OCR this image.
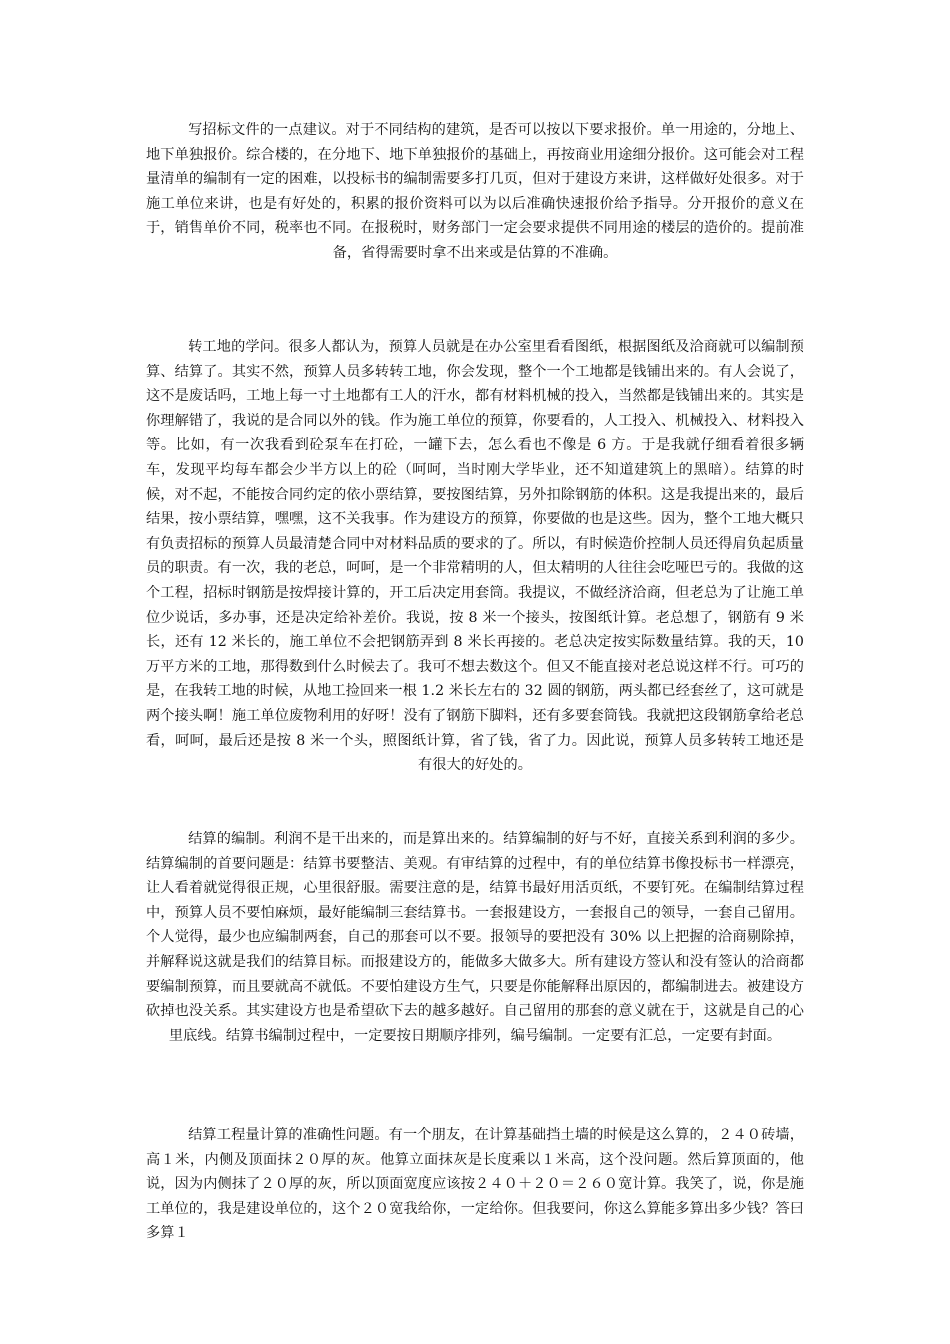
写招标文件的一点建议。对于不同结构的建筑，是否可以按以下要求报价。单一用途的，分地上、地下单独报价。综合楼的，在分地下、地下单独报价的基础上，再按商业用途细分报价。这可能会对工程量清单的编制有一定的困难，以投标书的编制需要多打几页，但对于建设方来讲，这样做好处很多。对于施工单位来讲，也是有好处的，积累的报价资料可以为以后准确快速报价给予指导。分开报价的意义在于，销售单价不同，税率也不同。在报税时，财务部门一定会要求提供不同用途的楼层的造价的。提前准备，省得需要时拿不出来或是估算的不准确。

转工地的学问。很多人都认为，预算人员就是在办公室里看看图纸，根据图纸及洽商就可以编制预算、结算了。其实不然，预算人员多转转工地，你会发现，整个一个工地都是钱铺出来的。有人会说了，这不是废话吗，工地上每一寸土地都有工人的汗水，都有材料机械的投入，当然都是钱铺出来的。其实是你理解错了，我说的是合同以外的钱。作为施工单位的预算，你要看的，人工投入、机械投入、材料投入等。比如，有一次我看到砼泵车在打砼，一罐下去，怎么看也不像是 6 方。于是我就仔细看着很多辆车，发现平均每车都会少半方以上的砼（呵呵，当时刚大学毕业，还不知道建筑上的黑暗）。结算的时候，对不起，不能按合同约定的依小票结算，要按图结算，另外扣除钢筋的体积。这是我提出来的，最后结果，按小票结算，嘿嘿，这不关我事。作为建设方的预算，你要做的也是这些。因为，整个工地大概只有负责招标的预算人员最清楚合同中对材料品质的要求的了。所以，有时候造价控制人员还得肩负起质量员的职责。有一次，我的老总，呵呵，是一个非常精明的人，但太精明的人往往会吃哑巴亏的。我做的这个工程，招标时钢筋是按焊接计算的，开工后决定用套筒。我提议，不做经济洽商，但老总为了让施工单位少说话，多办事，还是决定给补差价。我说，按 8 米一个接头，按图纸计算。老总想了，钢筋有 9 米长，还有 12 米长的，施工单位不会把钢筋弄到 8 米长再接的。老总决定按实际数量结算。我的天，10 万平方米的工地，那得数到什么时候去了。我可不想去数这个。但又不能直接对老总说这样不行。可巧的是，在我转工地的时候，从地工捡回来一根 1.2 米长左右的 32 圆的钢筋，两头都已经套丝了，这可就是两个接头啊！施工单位废物利用的好呀！没有了钢筋下脚料，还有多要套筒钱。我就把这段钢筋拿给老总看，呵呵，最后还是按 8 米一个头，照图纸计算，省了钱，省了力。因此说，预算人员多转转工地还是有很大的好处的。

结算的编制。利润不是干出来的，而是算出来的。结算编制的好与不好，直接关系到利润的多少。结算编制的首要问题是：结算书要整洁、美观。有审结算的过程中，有的单位结算书像投标书一样漂亮，让人看着就觉得很正规，心里很舒服。需要注意的是，结算书最好用活页纸，不要钉死。在编制结算过程中，预算人员不要怕麻烦，最好能编制三套结算书。一套报建设方，一套报自己的领导，一套自己留用。个人觉得，最少也应编制两套，自己的那套可以不要。报领导的要把没有 30% 以上把握的洽商剔除掉，并解释说这就是我们的结算目标。而报建设方的，能做多大做多大。所有建设方签认和没有签认的洽商都要编制预算，而且要就高不就低。不要怕建设方生气，只要是你能解释出原因的，都编制进去。被建设方砍掉也没关系。其实建设方也是希望砍下去的越多越好。自己留用的那套的意义就在于，这就是自己的心里底线。结算书编制过程中，一定要按日期顺序排列，编号编制。一定要有汇总，一定要有封面。

结算工程量计算的准确性问题。有一个朋友，在计算基础挡土墙的时候是这么算的，２４０砖墙，高１米，内侧及顶面抹２０厚的灰。他算立面抹灰是长度乘以１米高，这个没问题。然后算顶面的，他说，因为内侧抹了２０厚的灰，所以顶面宽度应该按２４０＋２０＝２６０宽计算。我笑了，说，你是施工单位的，我是建设单位的，这个２０宽我给你，一定给你。但我要问，你这么算能多算出多少钱？答曰多算１
